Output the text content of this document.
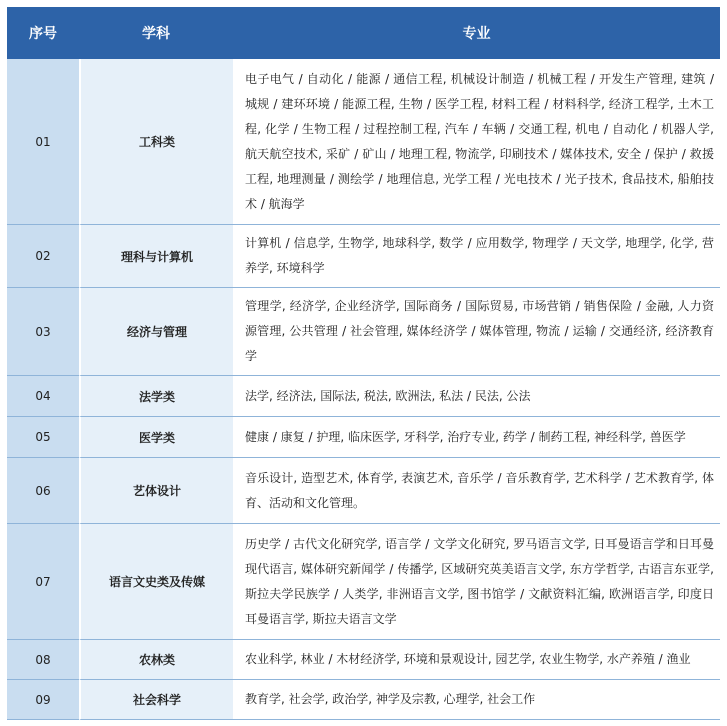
序号	学科	专业
01	工科类	电子电气 / 自动化 / 能源 / 通信工程, 机械设计制造 / 机械工程 / 开发生产管理, 建筑 / 城规 / 建环环境 / 能源工程, 生物 / 医学工程, 材料工程 / 材料科学, 经济工程学, 土木工程, 化学 / 生物工程 / 过程控制工程, 汽车 / 车辆 / 交通工程, 机电 / 自动化 / 机器人学, 航天航空技术, 采矿 / 矿山 / 地理工程, 物流学, 印刷技术 / 媒体技术, 安全 / 保护 / 救援工程, 地理测量 / 测绘学 / 地理信息, 光学工程 / 光电技术 / 光子技术, 食品技术, 船舶技术 / 航海学
02	理科与计算机	计算机 / 信息学, 生物学, 地球科学, 数学 / 应用数学, 物理学 / 天文学, 地理学, 化学, 营养学, 环境科学
03	经济与管理	管理学, 经济学, 企业经济学, 国际商务 / 国际贸易, 市场营销 / 销售保险 / 金融, 人力资源管理, 公共管理 / 社会管理, 媒体经济学 / 媒体管理, 物流 / 运输 / 交通经济, 经济教育学
04	法学类	法学, 经济法, 国际法, 税法, 欧洲法, 私法 / 民法, 公法
05	医学类	健康 / 康复 / 护理, 临床医学, 牙科学, 治疗专业, 药学 / 制药工程, 神经科学, 兽医学
06	艺体设计	音乐设计, 造型艺术, 体育学, 表演艺术, 音乐学 / 音乐教育学, 艺术科学 / 艺术教育学, 体育、活动和文化管理。
07	语言文史类及传媒	历史学 / 古代文化研究学, 语言学 / 文学文化研究, 罗马语言文学, 日耳曼语言学和日耳曼现代语言, 媒体研究新闻学 / 传播学, 区域研究英美语言文学, 东方学哲学, 古语言东亚学, 斯拉夫学民族学 / 人类学, 非洲语言文学, 图书馆学 / 文献资料汇编, 欧洲语言学, 印度日耳曼语言学, 斯拉夫语言文学
08	农林类	农业科学, 林业 / 木材经济学, 环境和景观设计, 园艺学, 农业生物学, 水产养殖 / 渔业
09	社会科学	教育学, 社会学, 政治学, 神学及宗教, 心理学, 社会工作
